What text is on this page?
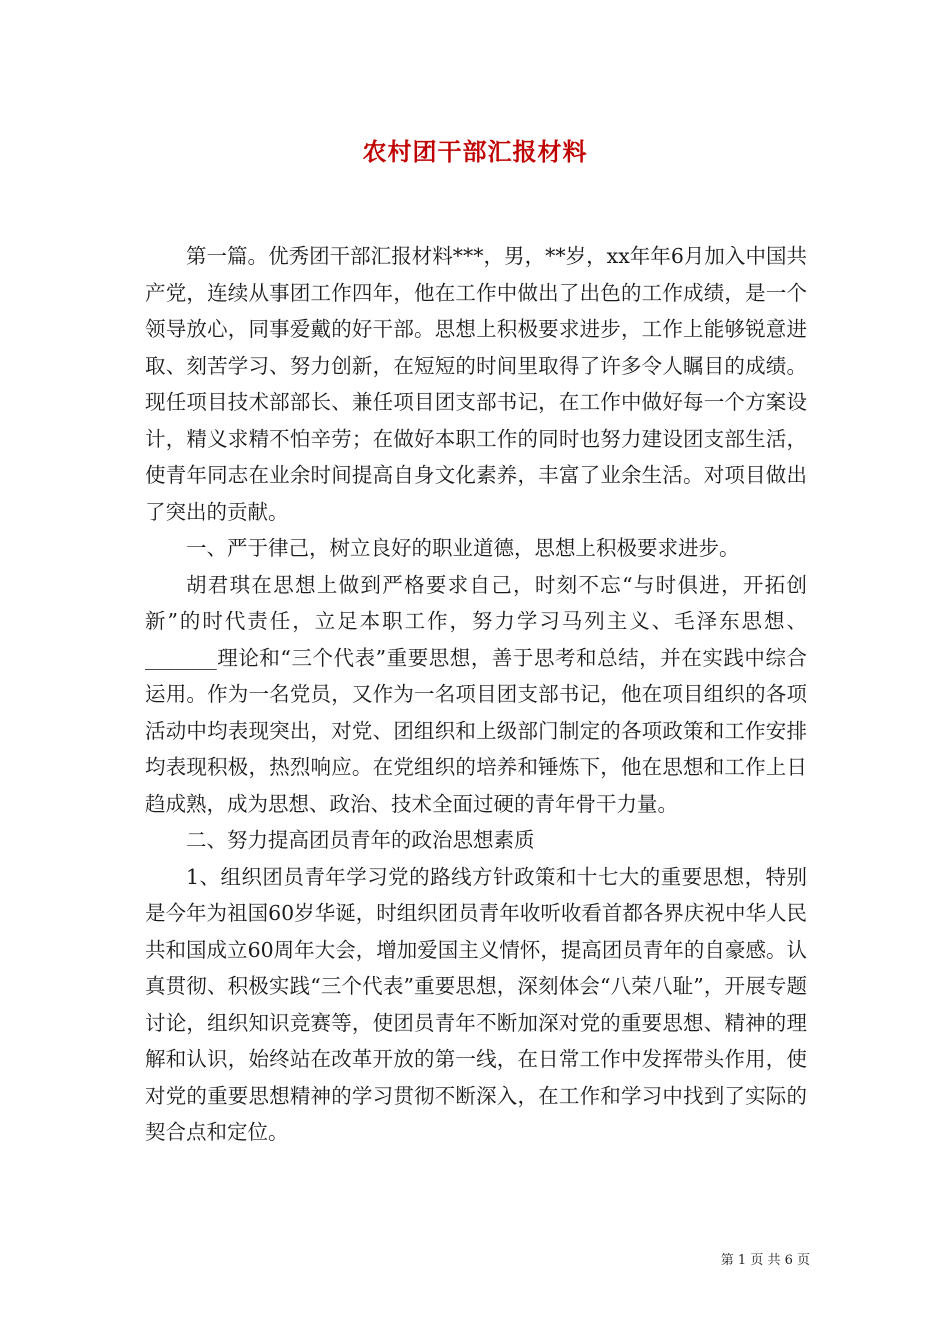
农村团干部汇报材料

第一篇。优秀团干部汇报材料***，男，**岁，xx年年6月加入中国共产党，连续从事团工作四年，他在工作中做出了出色的工作成绩，是一个领导放心，同事爱戴的好干部。思想上积极要求进步，工作上能够锐意进取、刻苦学习、努力创新，在短短的时间里取得了许多令人瞩目的成绩。现任项目技术部部长、兼任项目团支部书记，在工作中做好每一个方案设计，精义求精不怕辛劳；在做好本职工作的同时也努力建设团支部生活，使青年同志在业余时间提高自身文化素养，丰富了业余生活。对项目做出了突出的贡献。

一、严于律己，树立良好的职业道德，思想上积极要求进步。

胡君琪在思想上做到严格要求自己，时刻不忘“与时俱进，开拓创新”的时代责任，立足本职工作，努力学习马列主义、毛泽东思想、_______理论和“三个代表”重要思想，善于思考和总结，并在实践中综合运用。作为一名党员，又作为一名项目团支部书记，他在项目组织的各项活动中均表现突出，对党、团组织和上级部门制定的各项政策和工作安排均表现积极，热烈响应。在党组织的培养和锤炼下，他在思想和工作上日趋成熟，成为思想、政治、技术全面过硬的青年骨干力量。

二、努力提高团员青年的政治思想素质

1、组织团员青年学习党的路线方针政策和十七大的重要思想，特别是今年为祖国60岁华诞，时组织团员青年收听收看首都各界庆祝中华人民共和国成立60周年大会，增加爱国主义情怀，提高团员青年的自豪感。认真贯彻、积极实践“三个代表”重要思想，深刻体会“八荣八耻”，开展专题讨论，组织知识竞赛等，使团员青年不断加深对党的重要思想、精神的理解和认识，始终站在改革开放的第一线，在日常工作中发挥带头作用，使对党的重要思想精神的学习贯彻不断深入，在工作和学习中找到了实际的契合点和定位。

第 1 页 共 6 页
